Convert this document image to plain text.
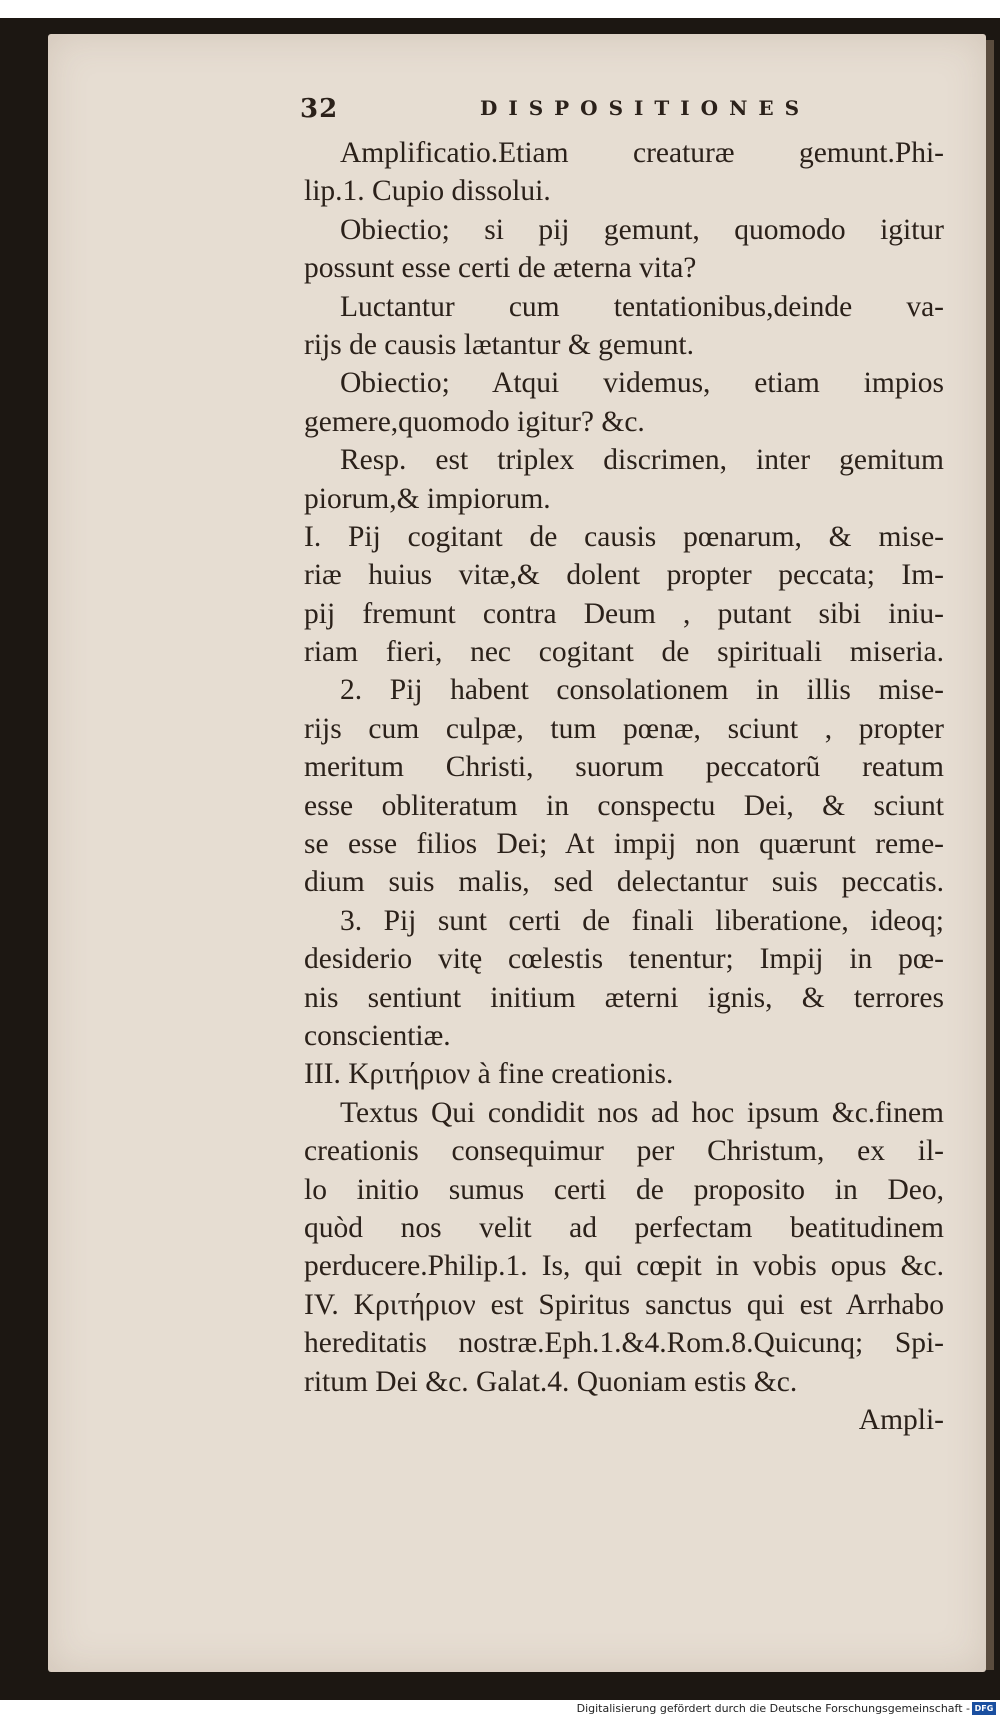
32	DISPOSITIONES
Amplificatio.Etiam creaturæ gemunt.Phi-
lip.1. Cupio dissolui.
Obiectio; si pij gemunt, quomodo igitur
possunt esse certi de æterna vita?
Luctantur cum tentationibus,deinde va-
rijs de causis lætantur & gemunt.
Obiectio; Atqui videmus, etiam impios
gemere,quomodo igitur? &c.
Resp. est triplex discrimen, inter gemitum
piorum,& impiorum.
I. Pij cogitant de causis pœnarum, & mise-
riæ huius vitæ,& dolent propter peccata; Im-
pij fremunt contra Deum , putant sibi iniu-
riam fieri, nec cogitant de spirituali miseria.
2. Pij habent consolationem in illis mise-
rijs cum culpæ, tum pœnæ, sciunt , propter
meritum Christi, suorum peccatorũ reatum
esse obliteratum in conspectu Dei, & sciunt
se esse filios Dei; At impij non quærunt reme-
dium suis malis, sed delectantur suis peccatis.
3. Pij sunt certi de finali liberatione, ideoq;
desiderio vitę cœlestis tenentur; Impij in pœ-
nis sentiunt initium æterni ignis, & terrores
conscientiæ.
III. Κριτήριον à fine creationis.
Textus Qui condidit nos ad hoc ipsum &c.finem
creationis consequimur per Christum, ex il-
lo initio sumus certi de proposito in Deo,
quòd nos velit ad perfectam beatitudinem
perducere.Philip.1. Is, qui cœpit in vobis opus &c.
IV. Κριτήριον est Spiritus sanctus qui est Arrhabo
hereditatis nostræ.Eph.1.&4.Rom.8.Quicunq; Spi-
ritum Dei &c. Galat.4. Quoniam estis &c.
Ampli-
Digitalisierung gefördert durch die Deutsche Forschungsgemeinschaft - DFG
